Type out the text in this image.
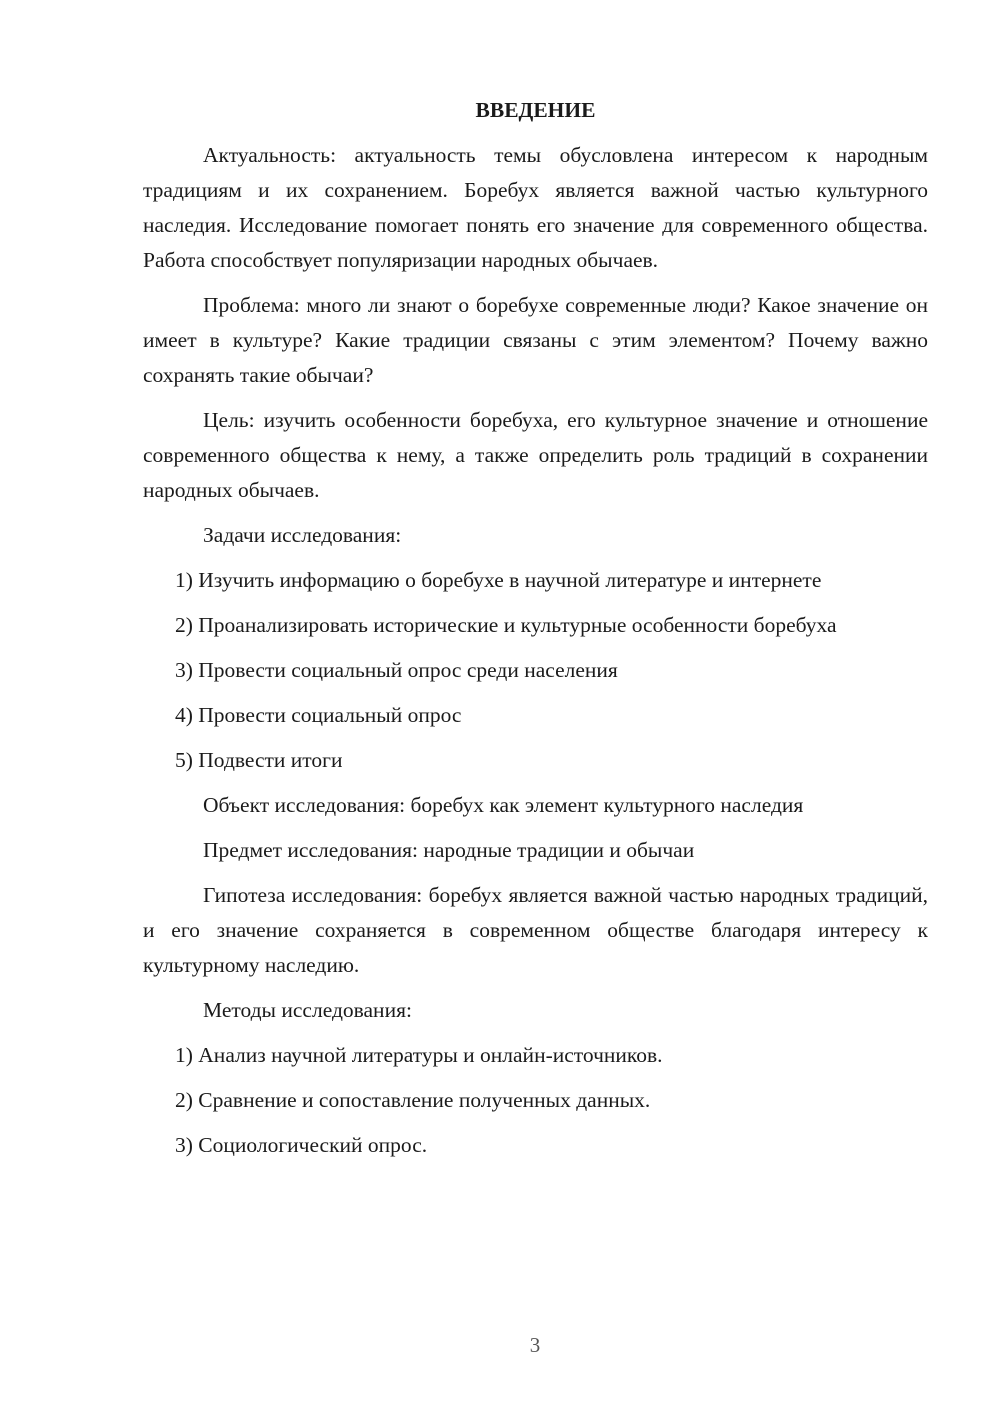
ВВЕДЕНИЕ

Актуальность: актуальность темы обусловлена интересом к народным традициям и их сохранением. Боребух является важной частью культурного наследия. Исследование помогает понять его значение для современного общества. Работа способствует популяризации народных обычаев.

Проблема: много ли знают о боребухе современные люди? Какое значение он имеет в культуре? Какие традиции связаны с этим элементом? Почему важно сохранять такие обычаи?

Цель: изучить особенности боребуха, его культурное значение и отношение современного общества к нему, а также определить роль традиций в сохранении народных обычаев.

Задачи исследования:

1) Изучить информацию о боребухе в научной литературе и интернете

2) Проанализировать исторические и культурные особенности боребуха

3) Провести социальный опрос среди населения

4) Провести социальный опрос

5) Подвести итоги

Объект исследования: боребух как элемент культурного наследия

Предмет исследования: народные традиции и обычаи

Гипотеза исследования: боребух является важной частью народных традиций, и его значение сохраняется в современном обществе благодаря интересу к культурному наследию.

Методы исследования:

1) Анализ научной литературы и онлайн-источников.

2) Сравнение и сопоставление полученных данных.

3) Социологический опрос.

3
